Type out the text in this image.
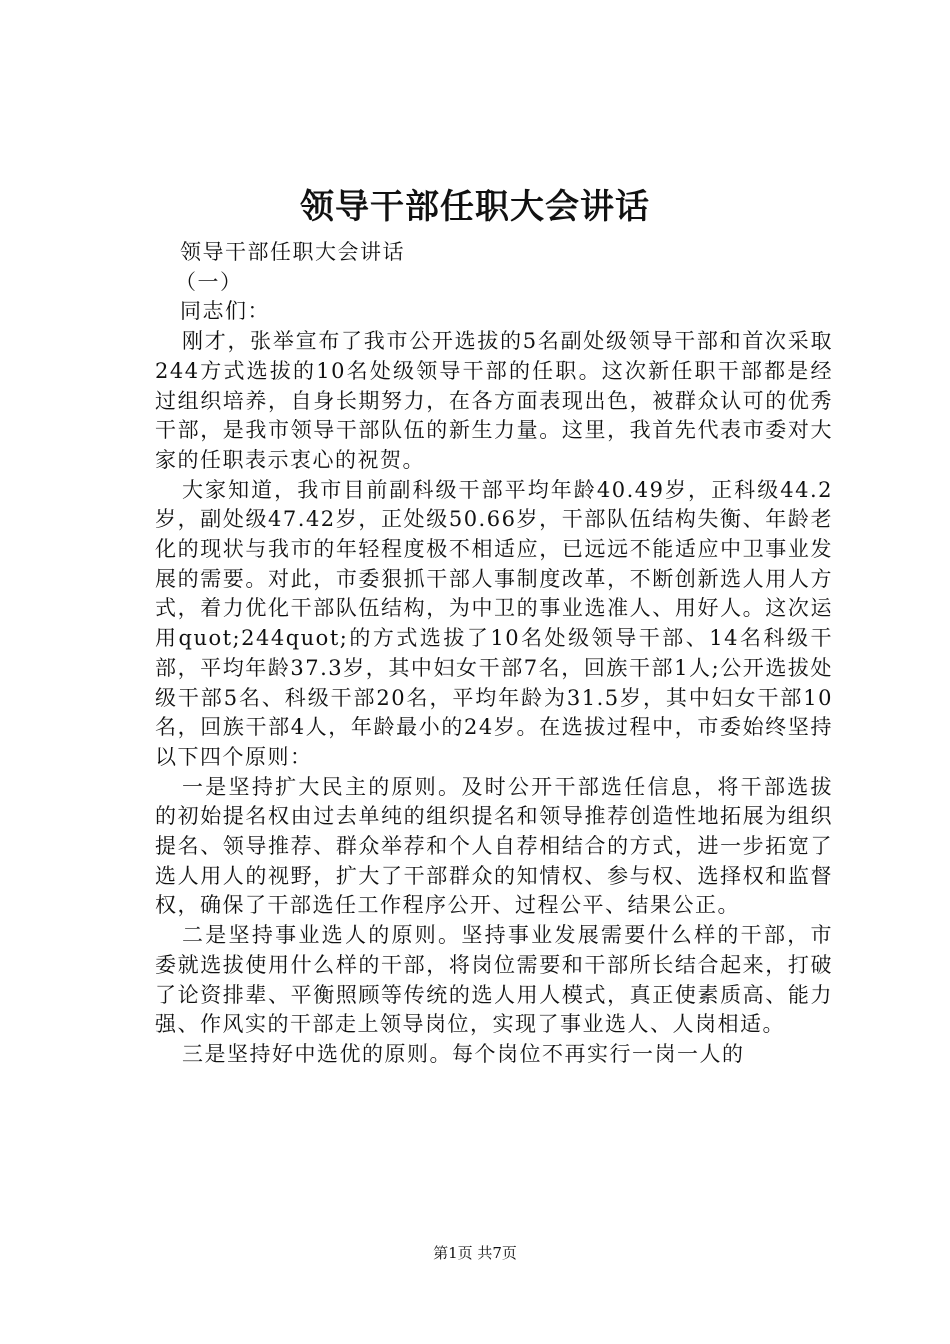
领导干部任职大会讲话

领导干部任职大会讲话

（一）

同志们：

刚才，张举宣布了我市公开选拔的5名副处级领导干部和首次采取244方式选拔的10名处级领导干部的任职。这次新任职干部都是经过组织培养，自身长期努力，在各方面表现出色，被群众认可的优秀干部，是我市领导干部队伍的新生力量。这里，我首先代表市委对大家的任职表示衷心的祝贺。

大家知道，我市目前副科级干部平均年龄40.49岁，正科级44.2岁，副处级47.42岁，正处级50.66岁，干部队伍结构失衡、年龄老化的现状与我市的年轻程度极不相适应，已远远不能适应中卫事业发展的需要。对此，市委狠抓干部人事制度改革，不断创新选人用人方式，着力优化干部队伍结构，为中卫的事业选准人、用好人。这次运用quot;244quot;的方式选拔了10名处级领导干部、14名科级干部，平均年龄37.3岁，其中妇女干部7名，回族干部1人;公开选拔处级干部5名、科级干部20名，平均年龄为31.5岁，其中妇女干部10名，回族干部4人，年龄最小的24岁。在选拔过程中，市委始终坚持以下四个原则：

一是坚持扩大民主的原则。及时公开干部选任信息，将干部选拔的初始提名权由过去单纯的组织提名和领导推荐创造性地拓展为组织提名、领导推荐、群众举荐和个人自荐相结合的方式，进一步拓宽了选人用人的视野，扩大了干部群众的知情权、参与权、选择权和监督权，确保了干部选任工作程序公开、过程公平、结果公正。

二是坚持事业选人的原则。坚持事业发展需要什么样的干部，市委就选拔使用什么样的干部，将岗位需要和干部所长结合起来，打破了论资排辈、平衡照顾等传统的选人用人模式，真正使素质高、能力强、作风实的干部走上领导岗位，实现了事业选人、人岗相适。

三是坚持好中选优的原则。每个岗位不再实行一岗一人的

第1页 共7页
